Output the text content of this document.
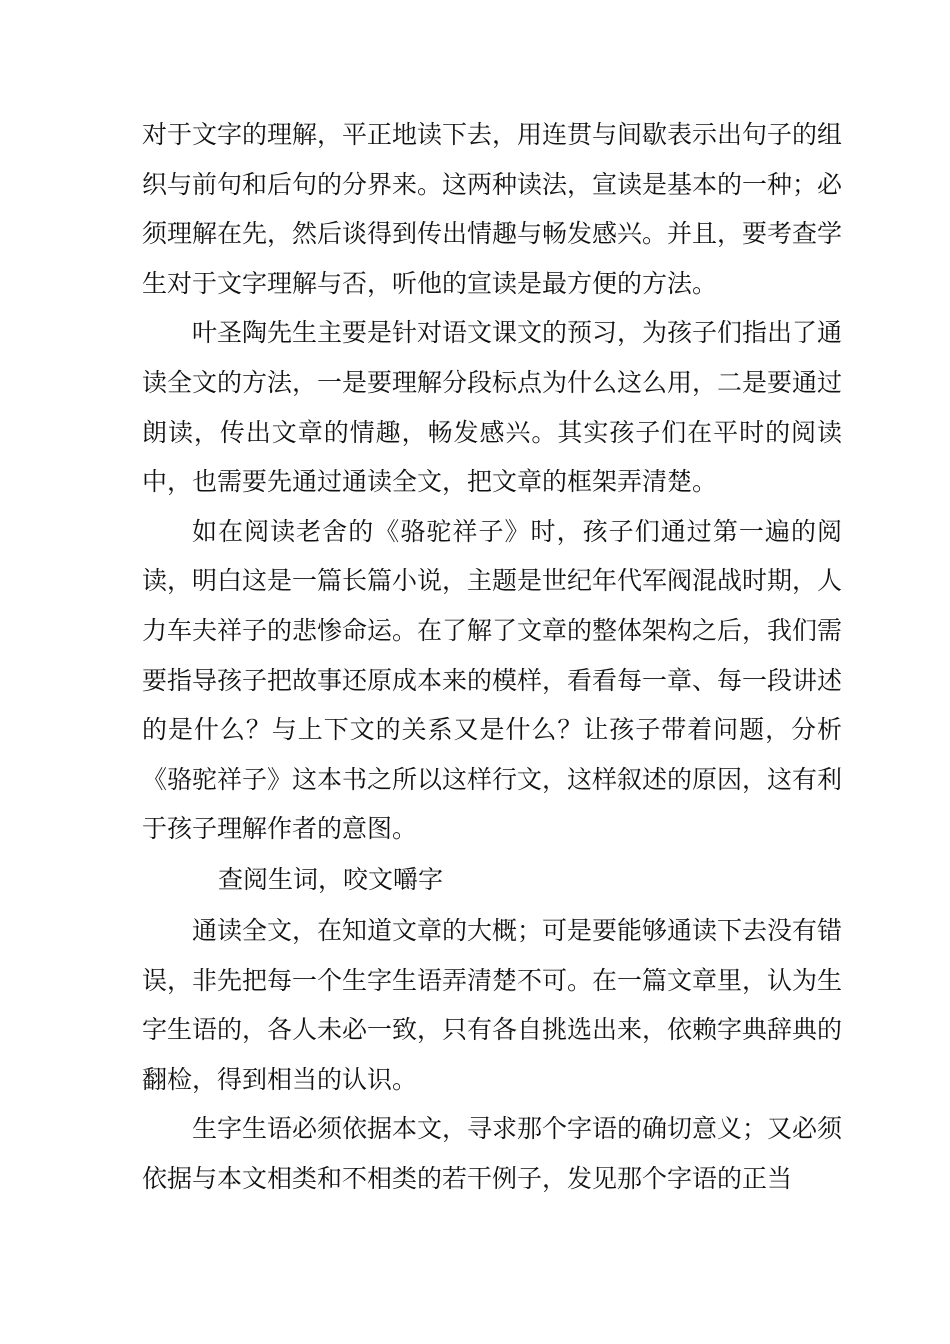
对于文字的理解，平正地读下去，用连贯与间歇表示出句子的组织与前句和后句的分界来。这两种读法，宣读是基本的一种；必须理解在先，然后谈得到传出情趣与畅发感兴。并且，要考查学生对于文字理解与否，听他的宣读是最方便的方法。

叶圣陶先生主要是针对语文课文的预习，为孩子们指出了通读全文的方法，一是要理解分段标点为什么这么用，二是要通过朗读，传出文章的情趣，畅发感兴。其实孩子们在平时的阅读中，也需要先通过通读全文，把文章的框架弄清楚。

如在阅读老舍的《骆驼祥子》时，孩子们通过第一遍的阅读，明白这是一篇长篇小说，主题是世纪年代军阀混战时期，人力车夫祥子的悲惨命运。在了解了文章的整体架构之后，我们需要指导孩子把故事还原成本来的模样，看看每一章、每一段讲述的是什么？与上下文的关系又是什么？让孩子带着问题，分析《骆驼祥子》这本书之所以这样行文，这样叙述的原因，这有利于孩子理解作者的意图。

查阅生词，咬文嚼字

通读全文，在知道文章的大概；可是要能够通读下去没有错误，非先把每一个生字生语弄清楚不可。在一篇文章里，认为生字生语的，各人未必一致，只有各自挑选出来，依赖字典辞典的翻检，得到相当的认识。

生字生语必须依据本文，寻求那个字语的确切意义；又必须依据与本文相类和不相类的若干例子，发见那个字语的正当
